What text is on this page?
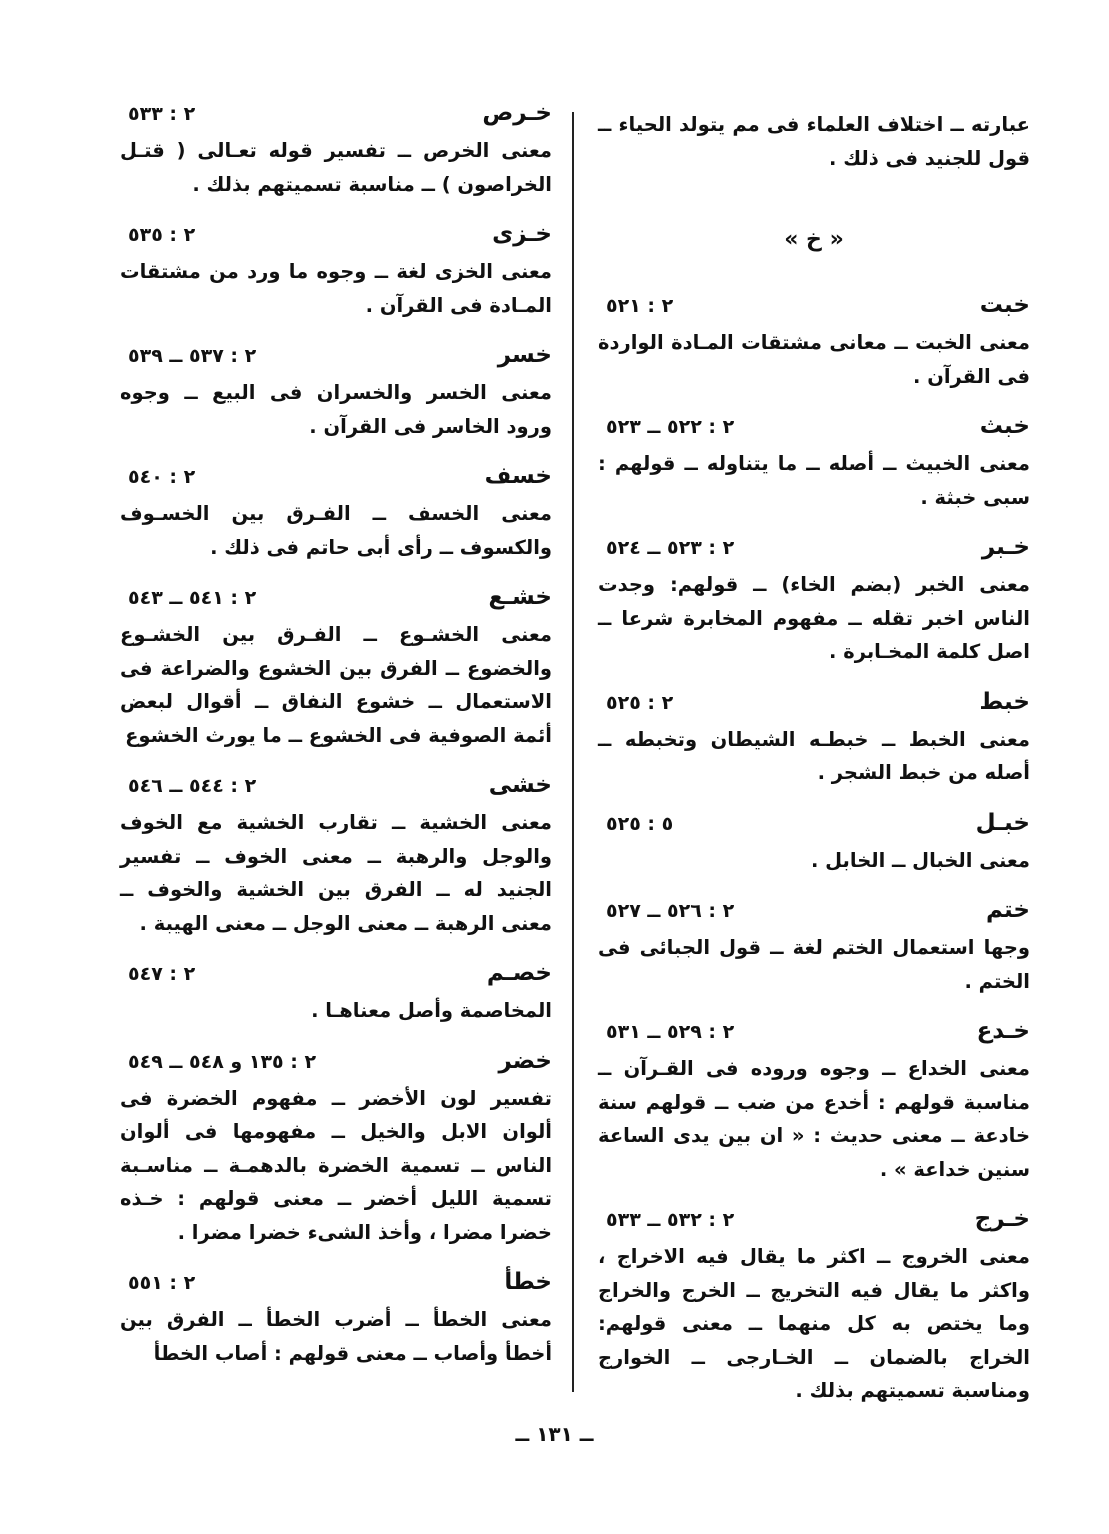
عبارته ــ اختلاف العلماء فى مم يتولد الحياء ــ قول للجنيد فى ذلك .

« خ »
خبت
٢ : ٥٢١

معنى الخبت ــ معانى مشتقات المـادة الواردة فى القرآن .

خبث
٢ : ٥٢٢ ــ ٥٢٣

معنى الخبيث ــ أصله ــ ما يتناوله ــ قولهم : سبى خبثة .

خـبر
٢ : ٥٢٣ ــ ٥٢٤

معنى الخبر (بضم الخاء) ــ قولهم: وجدت الناس اخبر تقله ــ مفهوم المخابرة شرعا ــ اصل كلمة المخـابرة .

خبط
٢ : ٥٢٥

معنى الخبط ــ خبطـه الشيطان وتخبطه ــ أصله من خبط الشجر .

خبـل
٥ : ٥٢٥

معنى الخبال ــ الخابل .

ختم
٢ : ٥٢٦ ــ ٥٢٧

وجها استعمال الختم لغة ــ قول الجبائى فى الختم .

خـدع
٢ : ٥٢٩ ــ ٥٣١

معنى الخداع ــ وجوه وروده فى القـرآن ــ مناسبة قولهم : أخدع من ضب ــ قولهم سنة خادعة ــ معنى حديث : « ان بين يدى الساعة سنين خداعة » .

خـرج
٢ : ٥٣٢ ــ ٥٣٣

معنى الخروج ــ اكثر ما يقال فيه الاخراج ، واكثر ما يقال فيه التخريج ــ الخرج والخراج وما يختص به كل منهما ــ معنى قولهم: الخراج بالضمان ــ الخـارجى ــ الخوارج ومناسبة تسميتهم بذلك .

خـرص
٢ : ٥٣٣

معنى الخرص ــ تفسير قوله تعـالى ( قتـل الخراصون ) ــ مناسبة تسميتهم بذلك .

خـزى
٢ : ٥٣٥

معنى الخزى لغة ــ وجوه ما ورد من مشتقات المـادة فى القرآن .

خسر
٢ : ٥٣٧ ــ ٥٣٩

معنى الخسر والخسران فى البيع ــ وجوه ورود الخاسر فى القرآن .

خسف
٢ : ٥٤٠

معنى الخسف ــ الفـرق بين الخسـوف والكسوف ــ رأى أبى حاتم فى ذلك .

خشـع
٢ : ٥٤١ ــ ٥٤٣

معنى الخشـوع ــ الفـرق بين الخشـوع والخضوع ــ الفرق بين الخشوع والضراعة فى الاستعمال ــ خشوع النفاق ــ أقوال لبعض أئمة الصوفية فى الخشوع ــ ما يورث الخشوع

خشى
٢ : ٥٤٤ ــ ٥٤٦

معنى الخشية ــ تقارب الخشية مع الخوف والوجل والرهبة ــ معنى الخوف ــ تفسير الجنيد له ــ الفرق بين الخشية والخوف ــ معنى الرهبة ــ معنى الوجل ــ معنى الهيبة .

خصـم
٢ : ٥٤٧

المخاصمة وأصل معناهـا .

خضر
٢ : ١٣٥ و ٥٤٨ ــ ٥٤٩

تفسير لون الأخضر ــ مفهوم الخضرة فى ألوان الابل والخيل ــ مفهومها فى ألوان الناس ــ تسمية الخضرة بالدهمـة ــ مناسـبة تسمية الليل أخضر ــ معنى قولهم : خـذه خضرا مضرا ، وأخذ الشىء خضرا مضرا .

خطأ
٢ : ٥٥١

معنى الخطأ ــ أضرب الخطأ ــ الفرق بين أخطأ وأصاب ــ معنى قولهم : أصاب الخطأ

ــ ١٣١ ــ
